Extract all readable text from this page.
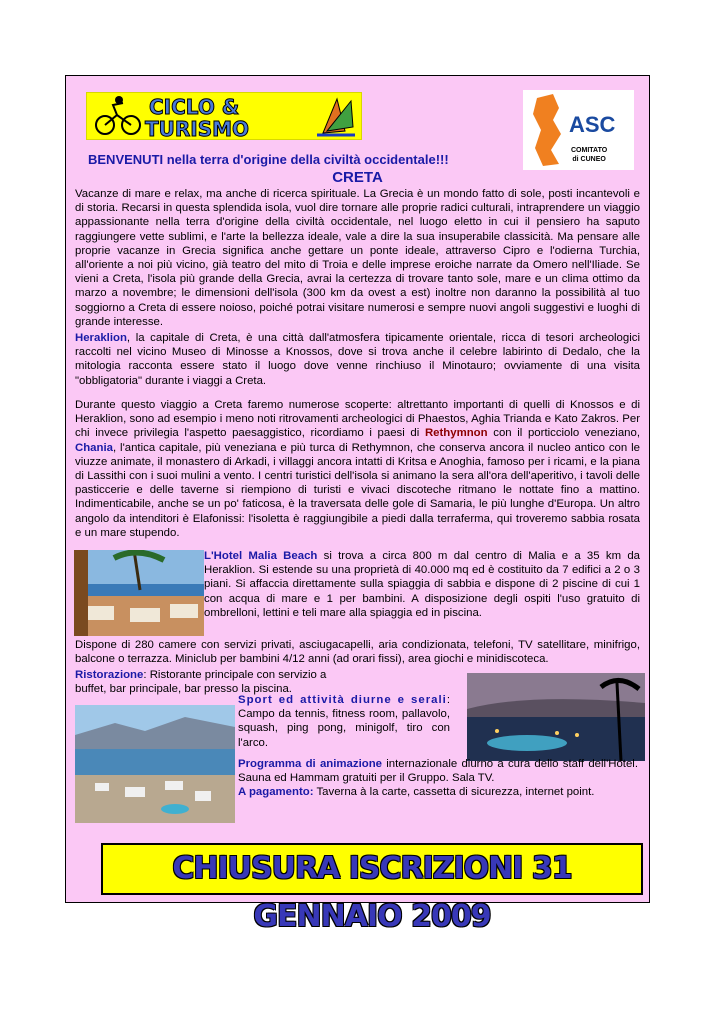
CICLO &
TURISMO	ASC
COMITATO
di CUNEO
BENVENUTI nella terra d'origine della civiltà occidentale!!!
CRETA
Vacanze di mare e relax, ma anche di ricerca spirituale. La Grecia è un mondo fatto di sole, posti incantevoli e di storia. Recarsi in questa splendida isola, vuol dire tornare alle proprie radici culturali, intraprendere un viaggio appassionante nella terra d'origine della civiltà occidentale, nel luogo eletto in cui il pensiero ha saputo raggiungere vette sublimi, e l'arte la bellezza ideale, vale a dire la sua insuperabile classicità. Ma pensare alle proprie vacanze in Grecia significa anche gettare un ponte ideale, attraverso Cipro e l'odierna Turchia, all'oriente a noi più vicino, già teatro del mito di Troia e delle imprese eroiche narrate da Omero nell'Iliade. Se vieni a Creta, l'isola più grande della Grecia, avrai la certezza di trovare tanto sole, mare e un clima ottimo da marzo a novembre; le dimensioni dell'isola (300 km da ovest a est) inoltre non daranno la possibilità al tuo soggiorno a Creta di essere noioso, poiché potrai visitare numerosi e sempre nuovi angoli suggestivi e luoghi di grande interesse.
Heraklion, la capitale di Creta, è una città dall'atmosfera tipicamente orientale, ricca di tesori archeologici raccolti nel vicino Museo di Minosse a Knossos, dove si trova anche il celebre labirinto di Dedalo, che la mitologia racconta essere stato il luogo dove venne rinchiuso il Minotauro; ovviamente di una visita "obbligatoria" durante i viaggi a Creta.
Durante questo viaggio a Creta faremo numerose scoperte: altrettanto importanti di quelli di Knossos e di Heraklion, sono ad esempio i meno noti ritrovamenti archeologici di Phaestos, Aghia Trianda e Kato Zakros. Per chi invece privilegia l'aspetto paesaggistico, ricordiamo i paesi di Rethymnon con il porticciolo veneziano, Chania, l'antica capitale, più veneziana e più turca di Rethymnon, che conserva ancora il nucleo antico con le viuzze animate, il monastero di Arkadi, i villaggi ancora intatti di Kritsa e Anoghia, famoso per i ricami, e la piana di Lassithi con i suoi mulini a vento. I centri turistici dell'isola si animano la sera all'ora dell'aperitivo, i tavoli delle pasticcerie e delle taverne si riempiono di turisti e vivaci discoteche ritmano le nottate fino a mattino. Indimenticabile, anche se un po' faticosa, è la traversata delle gole di Samaria, le più lunghe d'Europa. Un altro angolo da intenditori è Elafonissi: l'isoletta è raggiungibile a piedi dalla terraferma, qui troveremo sabbia rosata e un mare stupendo.
L'Hotel Malia Beach si trova a circa 800 m dal centro di Malia e a 35 km da Heraklion. Si estende su una proprietà di 40.000 mq ed è costituito da 7 edifici a 2 o 3 piani. Si affaccia direttamente sulla spiaggia di sabbia e dispone di 2 piscine di cui 1 con acqua di mare e 1 per bambini. A disposizione degli ospiti l'uso gratuito di ombrelloni, lettini e teli mare alla spiaggia ed in piscina.
Dispone di 280 camere con servizi privati, asciugacapelli, aria condizionata, telefoni, TV satellitare, minifrigo, balcone o terrazza. Miniclub per bambini 4/12 anni (ad orari fissi), area giochi e minidiscoteca.
Ristorazione: Ristorante principale con servizio a buffet, bar principale, bar presso la piscina.
Sport ed attività diurne e serali: Campo da tennis, fitness room, pallavolo, squash, ping pong, minigolf, tiro con l'arco.
Programma di animazione internazionale diurno a cura dello staff dell'Hotel. Sauna ed Hammam gratuiti per il Gruppo. Sala TV.
A pagamento: Taverna à la carte, cassetta di sicurezza, internet point.
CHIUSURA ISCRIZIONI 31 GENNAIO 2009
